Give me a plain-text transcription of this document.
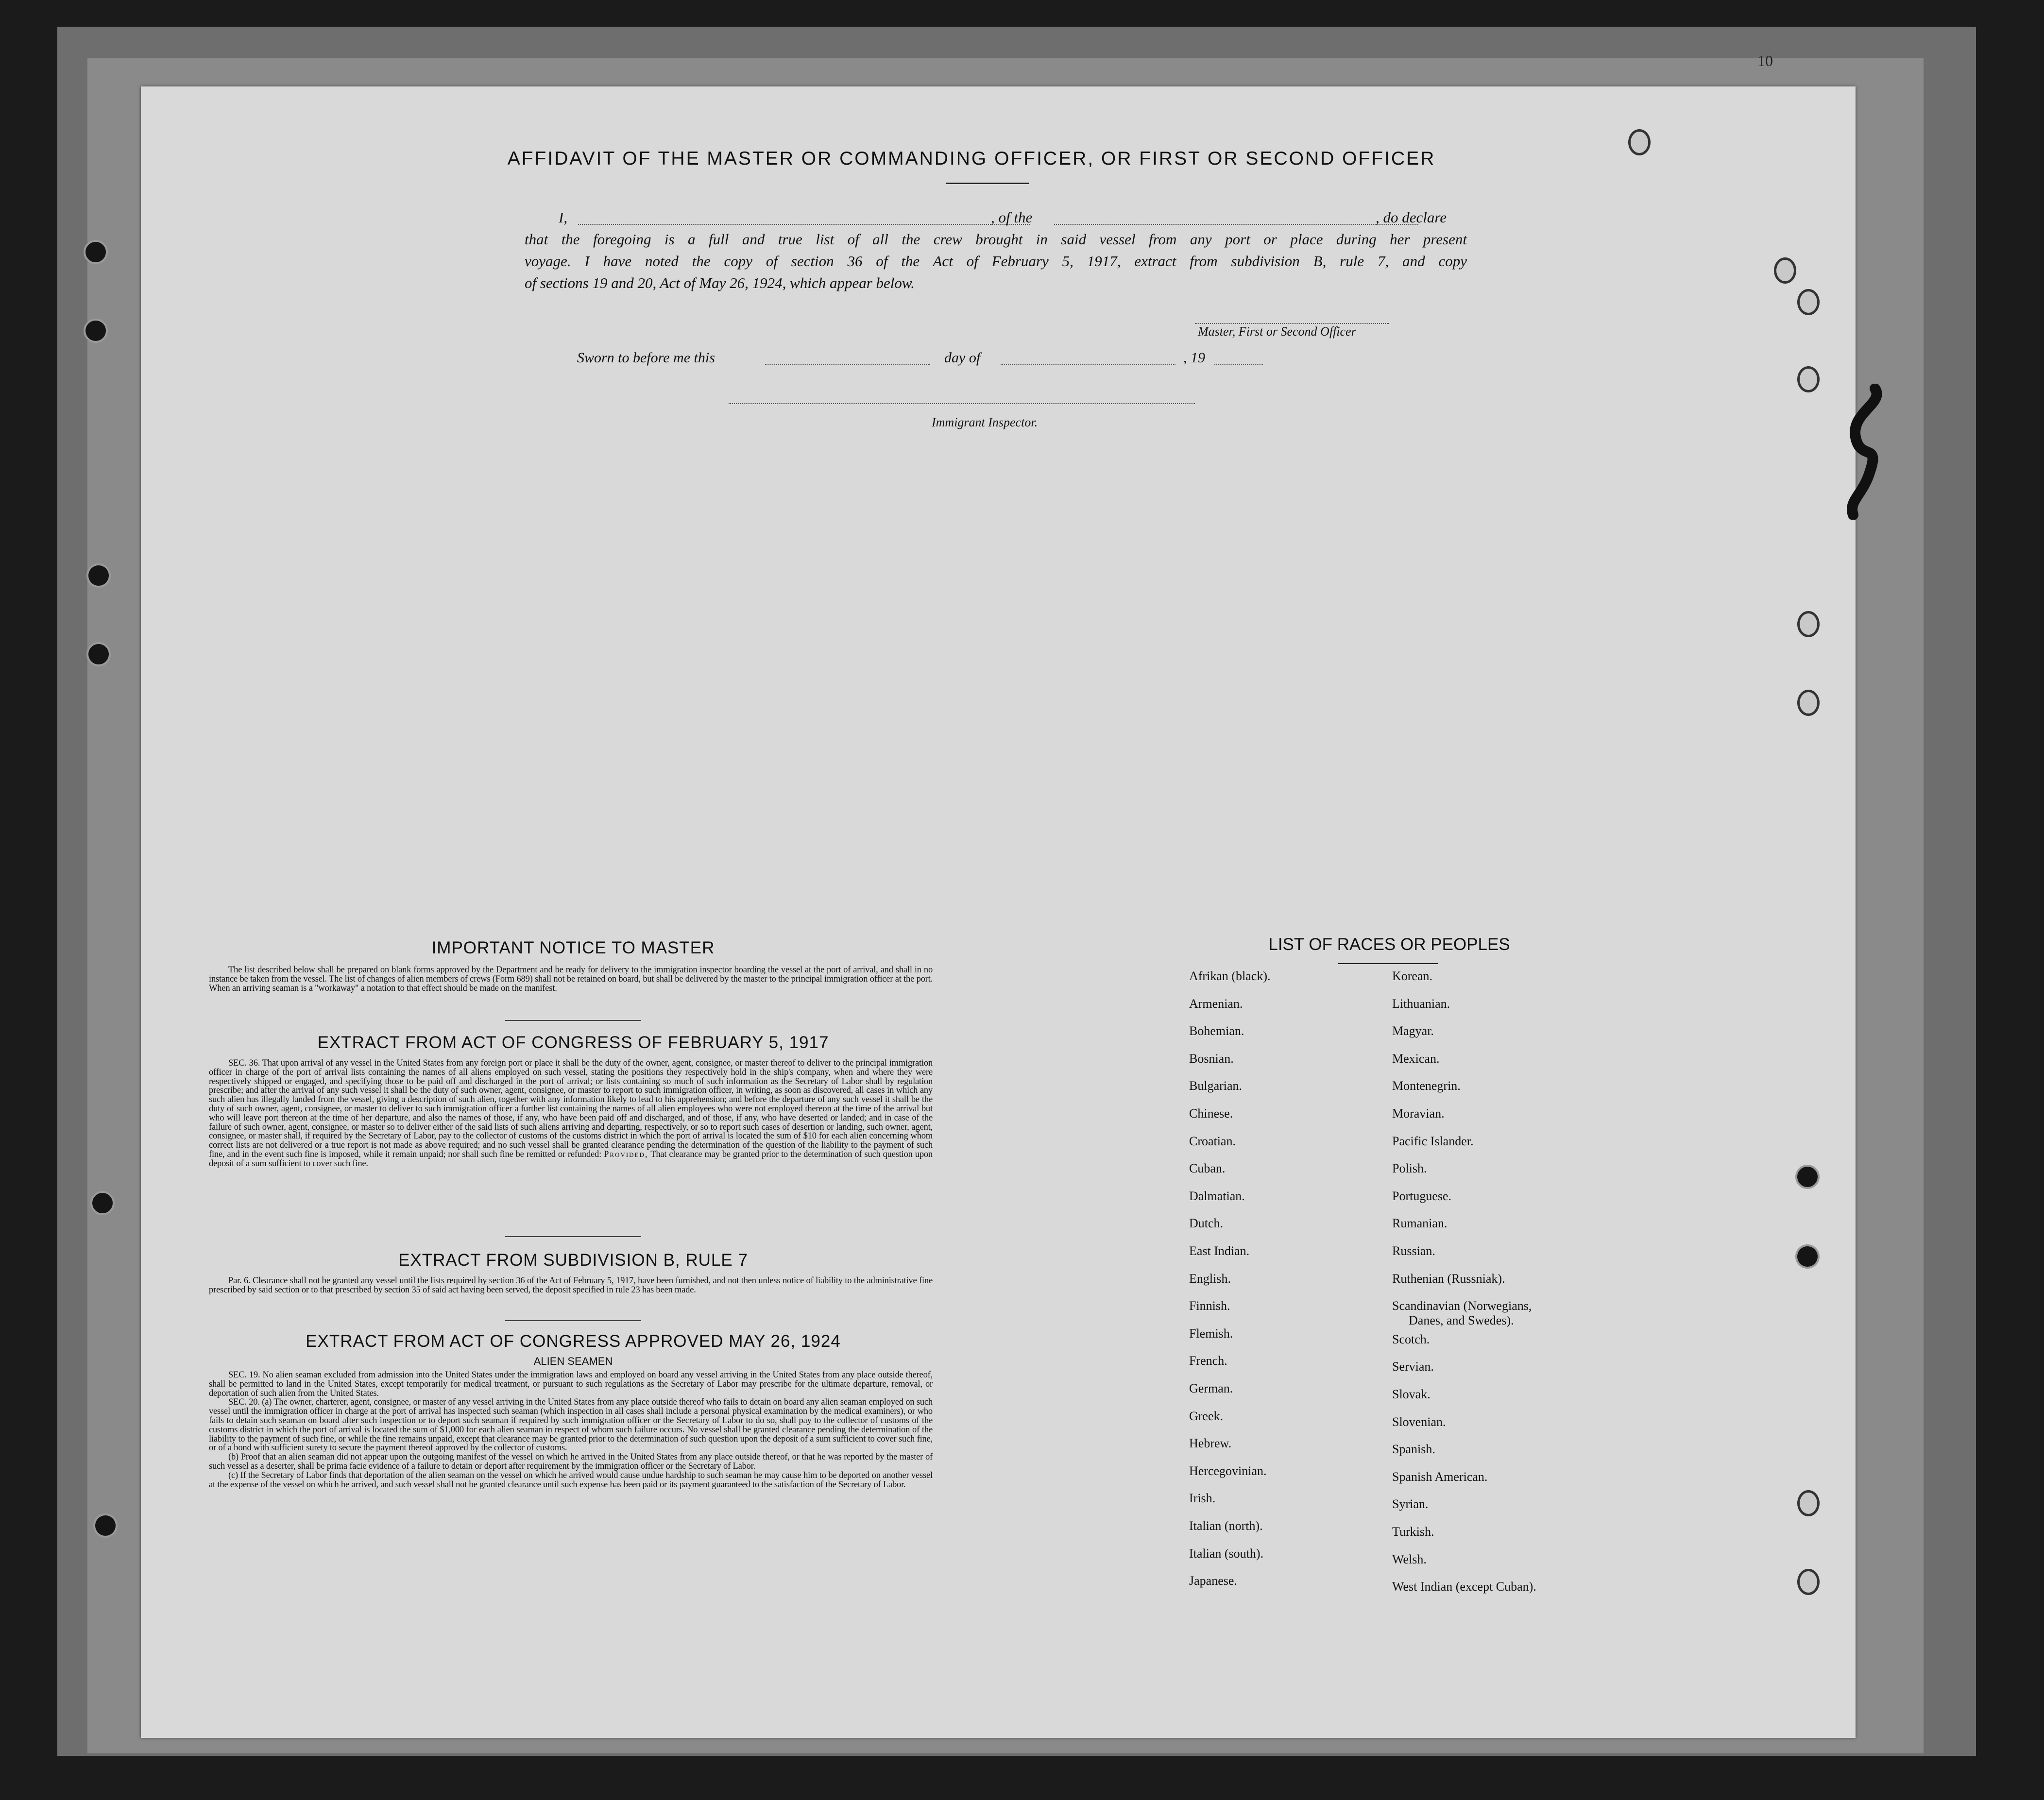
10
AFFIDAVIT OF THE MASTER OR COMMANDING OFFICER, OR FIRST OR SECOND OFFICER
I,	, of the	, do declare
that the foregoing is a full and true list of all the crew brought in said vessel from any port or place during her present
voyage. I have noted the copy of section 36 of the Act of February 5, 1917, extract from subdivision B, rule 7, and copy
of sections 19 and 20, Act of May 26, 1924, which appear below.
Master, First or Second Officer
Sworn to before me this	day of	, 19
Immigrant Inspector.
IMPORTANT NOTICE TO MASTER
The list described below shall be prepared on blank forms approved by the Department and be ready for delivery to the immigration inspector boarding the vessel at the port of arrival, and shall in no instance be taken from the vessel. The list of changes of alien members of crews (Form 689) shall not be retained on board, but shall be delivered by the master to the principal immigration officer at the port. When an arriving seaman is a "workaway" a notation to that effect should be made on the manifest.
EXTRACT FROM ACT OF CONGRESS OF FEBRUARY 5, 1917
SEC. 36. That upon arrival of any vessel in the United States from any foreign port or place it shall be the duty of the owner, agent, consignee, or master thereof to deliver to the principal immigration officer in charge of the port of arrival lists containing the names of all aliens employed on such vessel, stating the positions they respectively hold in the ship's company, when and where they were respectively shipped or engaged, and specifying those to be paid off and discharged in the port of arrival; or lists containing so much of such information as the Secretary of Labor shall by regulation prescribe; and after the arrival of any such vessel it shall be the duty of such owner, agent, consignee, or master to report to such immigration officer, in writing, as soon as discovered, all cases in which any such alien has illegally landed from the vessel, giving a description of such alien, together with any information likely to lead to his apprehension; and before the departure of any such vessel it shall be the duty of such owner, agent, consignee, or master to deliver to such immigration officer a further list containing the names of all alien employees who were not employed thereon at the time of the arrival but who will leave port thereon at the time of her departure, and also the names of those, if any, who have been paid off and discharged, and of those, if any, who have deserted or landed; and in case of the failure of such owner, agent, consignee, or master so to deliver either of the said lists of such aliens arriving and departing, respectively, or so to report such cases of desertion or landing, such owner, agent, consignee, or master shall, if required by the Secretary of Labor, pay to the collector of customs of the customs district in which the port of arrival is located the sum of $10 for each alien concerning whom correct lists are not delivered or a true report is not made as above required; and no such vessel shall be granted clearance pending the determination of the question of the liability to the payment of such fine, and in the event such fine is imposed, while it remain unpaid; nor shall such fine be remitted or refunded: Provided, That clearance may be granted prior to the determination of such question upon deposit of a sum sufficient to cover such fine.
EXTRACT FROM SUBDIVISION B, RULE 7
Par. 6. Clearance shall not be granted any vessel until the lists required by section 36 of the Act of February 5, 1917, have been furnished, and not then unless notice of liability to the administrative fine prescribed by said section or to that prescribed by section 35 of said act having been served, the deposit specified in rule 23 has been made.
EXTRACT FROM ACT OF CONGRESS APPROVED MAY 26, 1924
ALIEN SEAMEN

SEC. 19. No alien seaman excluded from admission into the United States under the immigration laws and employed on board any vessel arriving in the United States from any place outside thereof, shall be permitted to land in the United States, except temporarily for medical treatment, or pursuant to such regulations as the Secretary of Labor may prescribe for the ultimate departure, removal, or deportation of such alien from the United States.

SEC. 20. (a) The owner, charterer, agent, consignee, or master of any vessel arriving in the United States from any place outside thereof who fails to detain on board any alien seaman employed on such vessel until the immigration officer in charge at the port of arrival has inspected such seaman (which inspection in all cases shall include a personal physical examination by the medical examiners), or who fails to detain such seaman on board after such inspection or to deport such seaman if required by such immigration officer or the Secretary of Labor to do so, shall pay to the collector of customs of the customs district in which the port of arrival is located the sum of $1,000 for each alien seaman in respect of whom such failure occurs. No vessel shall be granted clearance pending the determination of the liability to the payment of such fine, or while the fine remains unpaid, except that clearance may be granted prior to the determination of such question upon the deposit of a sum sufficient to cover such fine, or of a bond with sufficient surety to secure the payment thereof approved by the collector of customs.

(b) Proof that an alien seaman did not appear upon the outgoing manifest of the vessel on which he arrived in the United States from any place outside thereof, or that he was reported by the master of such vessel as a deserter, shall be prima facie evidence of a failure to detain or deport after requirement by the immigration officer or the Secretary of Labor.

(c) If the Secretary of Labor finds that deportation of the alien seaman on the vessel on which he arrived would cause undue hardship to such seaman he may cause him to be deported on another vessel at the expense of the vessel on which he arrived, and such vessel shall not be granted clearance until such expense has been paid or its payment guaranteed to the satisfaction of the Secretary of Labor.

LIST OF RACES OR PEOPLES
Afrikan (black).
Armenian.
Bohemian.
Bosnian.
Bulgarian.
Chinese.
Croatian.
Cuban.
Dalmatian.
Dutch.
East Indian.
English.
Finnish.
Flemish.
French.
German.
Greek.
Hebrew.
Hercegovinian.
Irish.
Italian (north).
Italian (south).
Japanese.
Korean.
Lithuanian.
Magyar.
Mexican.
Montenegrin.
Moravian.
Pacific Islander.
Polish.
Portuguese.
Rumanian.
Russian.
Ruthenian (Russniak).
Scandinavian (Norwegians,
Danes, and Swedes).
Scotch.
Servian.
Slovak.
Slovenian.
Spanish.
Spanish American.
Syrian.
Turkish.
Welsh.
West Indian (except Cuban).
